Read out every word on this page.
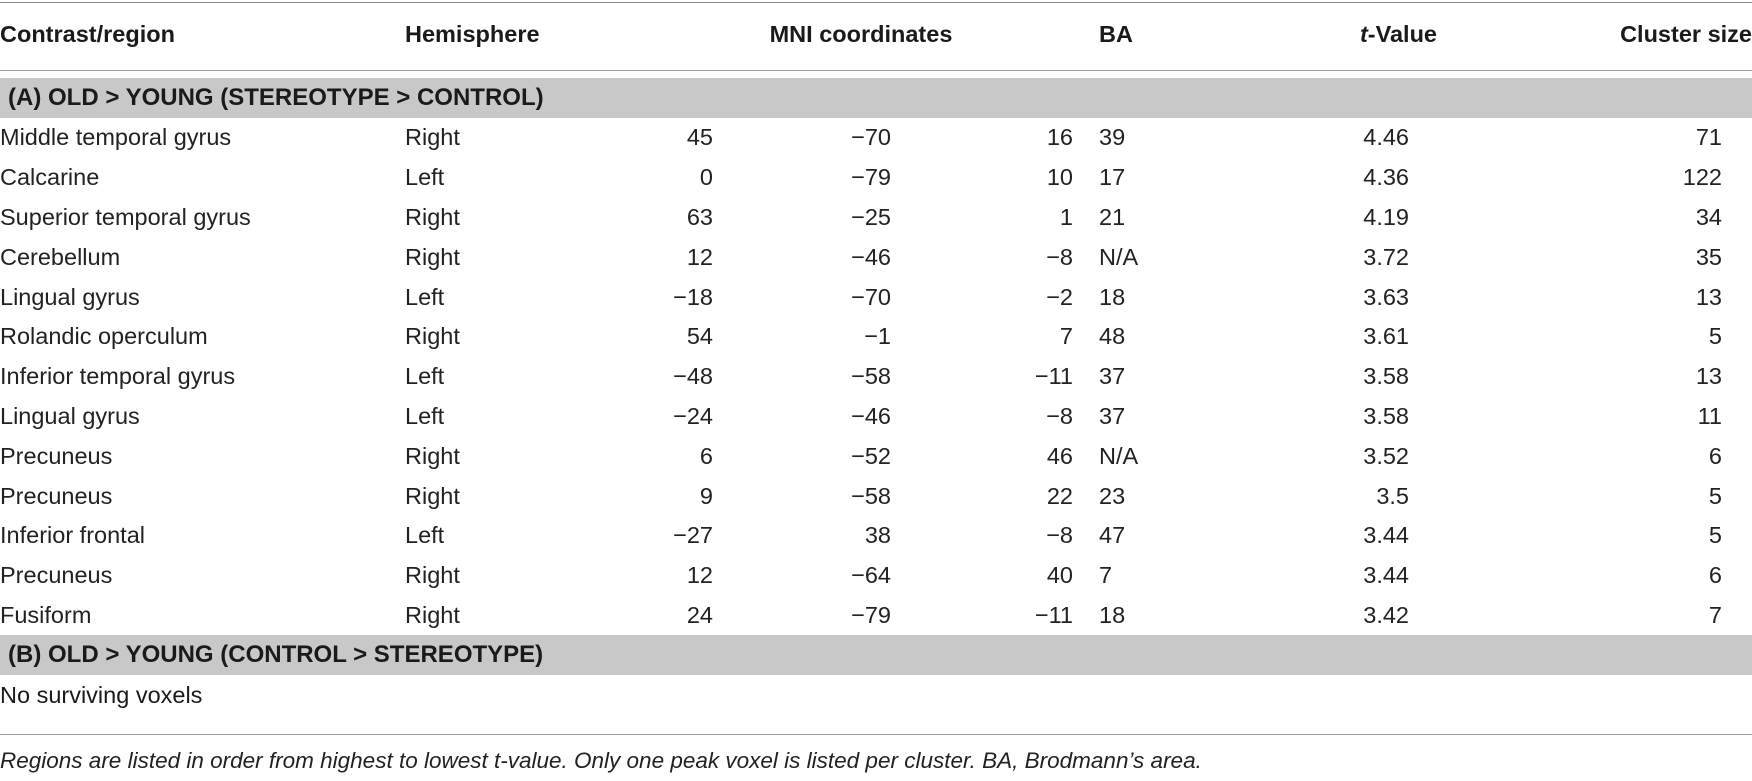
Contrast/region	Hemisphere	MNI coordinates			BA	t-Value	Cluster size

(A) OLD > YOUNG (STEREOTYPE > CONTROL)							
Middle temporal gyrus	Right	45	−70	16	39	4.46	71
Calcarine	Left	0	−79	10	17	4.36	122
Superior temporal gyrus	Right	63	−25	1	21	4.19	34
Cerebellum	Right	12	−46	−8	N/A	3.72	35
Lingual gyrus	Left	−18	−70	−2	18	3.63	13
Rolandic operculum	Right	54	−1	7	48	3.61	5
Inferior temporal gyrus	Left	−48	−58	−11	37	3.58	13
Lingual gyrus	Left	−24	−46	−8	37	3.58	11
Precuneus	Right	6	−52	46	N/A	3.52	6
Precuneus	Right	9	−58	22	23	3.5	5
Inferior frontal	Left	−27	38	−8	47	3.44	5
Precuneus	Right	12	−64	40	7	3.44	6
Fusiform	Right	24	−79	−11	18	3.42	7
(B) OLD > YOUNG (CONTROL > STEREOTYPE)							
No surviving voxels							
Regions are listed in order from highest to lowest t-value. Only one peak voxel is listed per cluster. BA, Brodmann’s area.
